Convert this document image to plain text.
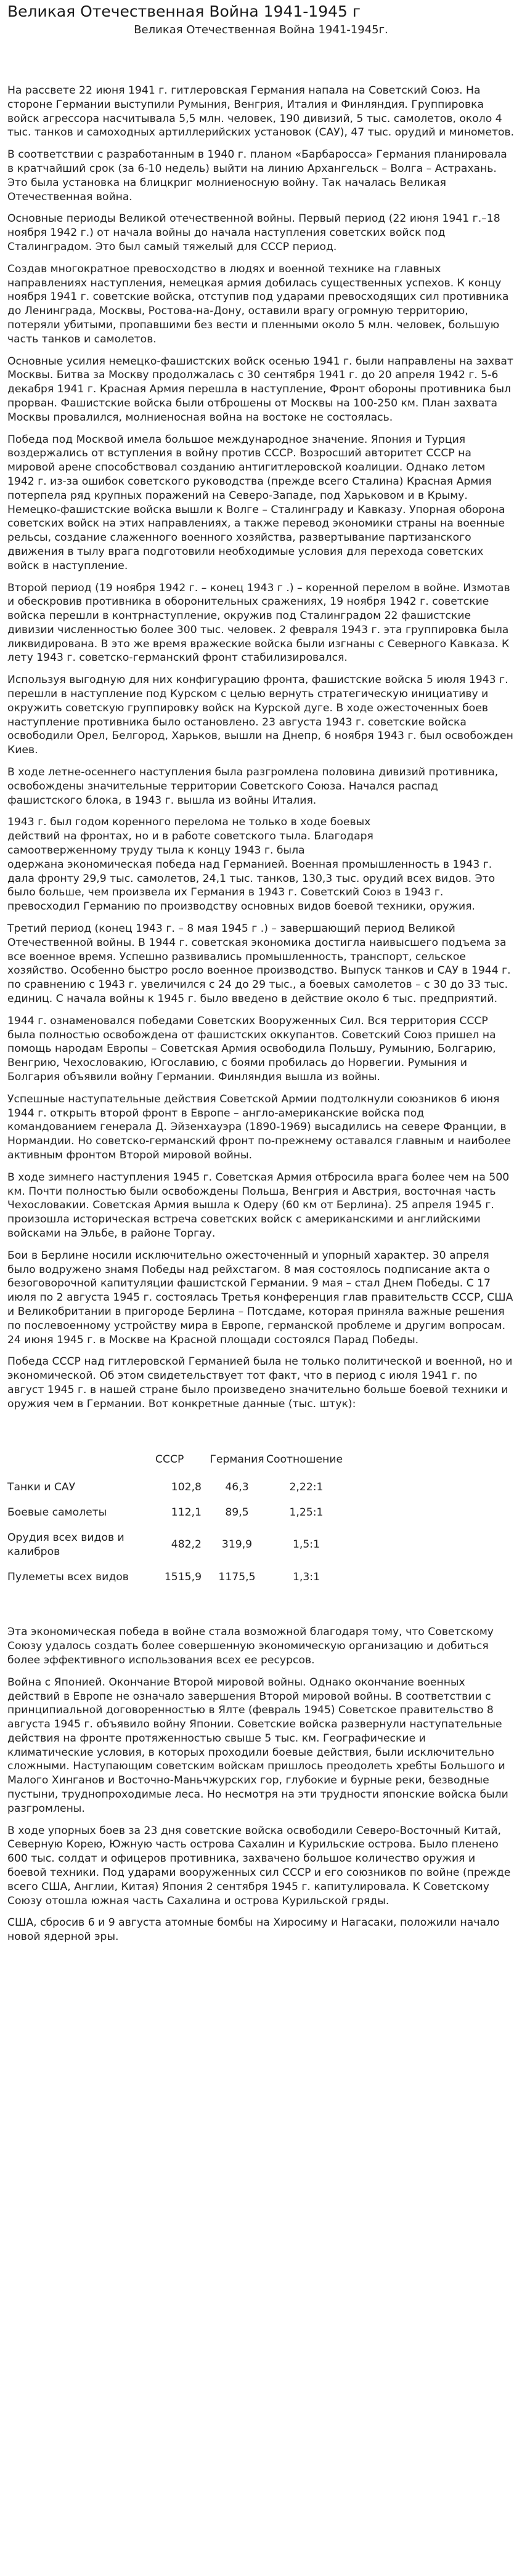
Великая Отечественная Война 1941-1945 г
Великая Отечественная Война 1941-1945г.

На рассвете 22 июня 1941 г. гитлеровская Германия напала на Советский Союз. На стороне Германии выступили Румыния, Венгрия, Италия и Финляндия. Группировка войск агрессора насчитывала 5,5 млн. человек, 190 дивизий, 5 тыс. самолетов, около 4 тыс. танков и самоходных артиллерийских установок (САУ), 47 тыс. орудий и минометов.

В соответствии с разработанным в 1940 г. планом «Барбаросса» Германия планировала в кратчайший срок (за 6-10 недель) выйти на линию Архангельск – Волга – Астрахань. Это была установка на блицкриг молниеносную войну. Так началась Великая Отечественная война.

Основные периоды Великой отечественной войны. Первый период (22 июня 1941 г.–18 ноября 1942 г.) от начала войны до начала наступления советских войск под Сталинградом. Это был самый тяжелый для СССР период.

Создав многократное превосходство в людях и военной технике на главных направлениях наступления, немецкая армия добилась существенных успехов. К концу ноября 1941 г. советские войска, отступив под ударами превосходящих сил противника до Ленинграда, Москвы, Ростова-на-Дону, оставили врагу огромную территорию, потеряли убитыми, пропавшими без вести и пленными около 5 млн. человек, большую часть танков и самолетов.

Основные усилия немецко-фашистских войск осенью 1941 г. были направлены на захват Москвы. Битва за Москву продолжалась с 30 сентября 1941 г. до 20 апреля 1942 г. 5-6 декабря 1941 г. Красная Армия перешла в наступление, Фронт обороны противника был прорван. Фашистские войска были отброшены от Москвы на 100-250 км. План захвата Москвы провалился, молниеносная война на востоке не состоялась.

Победа под Москвой имела большое международное значение. Япония и Турция воздержались от вступления в войну против СССР. Возросший авторитет СССР на мировой арене способствовал созданию антигитлеровской коалиции. Однако летом 1942 г. из-за ошибок советского руководства (прежде всего Сталина) Красная Армия потерпела ряд крупных поражений на Северо-Западе, под Харьковом и в Крыму. Немецко-фашистские войска вышли к Волге – Сталинграду и Кавказу. Упорная оборона советских войск на этих направлениях, а также перевод экономики страны на военные рельсы, создание слаженного военного хозяйства, развертывание партизанского движения в тылу врага подготовили необходимые условия для перехода советских войск в наступление.

Второй период (19 ноября 1942 г. – конец 1943 г .) – коренной перелом в войне. Измотав и обескровив противника в оборонительных сражениях, 19 ноября 1942 г. советские войска перешли в контрнаступление, окружив под Сталинградом 22 фашистские дивизии численностью более 300 тыс. человек. 2 февраля 1943 г. эта группировка была ликвидирована. В это же время вражеские войска были изгнаны с Северного Кавказа. К лету 1943 г. советско-германский фронт стабилизировался.

Используя выгодную для них конфигурацию фронта, фашистские войска 5 июля 1943 г. перешли в наступление под Курском с целью вернуть стратегическую инициативу и окружить советскую группировку войск на Курской дуге. В ходе ожесточенных боев наступление противника было остановлено. 23 августа 1943 г. советские войска освободили Орел, Белгород, Харьков, вышли на Днепр, 6 ноября 1943 г. был освобожден Киев.

В ходе летне-осеннего наступления была разгромлена половина дивизий противника, освобождены значительные территории Советского Союза. Начался распад фашистского блока, в 1943 г. вышла из войны Италия.

1943 г. был годом коренного перелома не только в ходе боевых
действий на фронтах, но и в работе советского тыла. Благодаря
самоотверженному труду тыла к концу 1943 г. была
одержана экономическая победа над Германией. Военная промышленность в 1943 г. дала фронту 29,9 тыс. самолетов, 24,1 тыс. танков, 130,3 тыс. орудий всех видов. Это было больше, чем произвела их Германия в 1943 г. Советский Союз в 1943 г. превосходил Германию по производству основных видов боевой техники, оружия.

Третий период (конец 1943 г. – 8 мая 1945 г .) – завершающий период Великой Отечественной войны. В 1944 г. советская экономика достигла наивысшего подъема за все военное время. Успешно развивались промышленность, транспорт, сельское хозяйство. Особенно быстро росло военное производство. Выпуск танков и САУ в 1944 г. по сравнению с 1943 г. увеличился с 24 до 29 тыс., а боевых самолетов – с 30 до 33 тыс. единиц. С начала войны к 1945 г. было введено в действие около 6 тыс. предприятий.

1944 г. ознаменовался победами Советских Вооруженных Сил. Вся территория СССР была полностью освобождена от фашистских оккупантов. Советский Союз пришел на помощь народам Европы – Советская Армия освободила Польшу, Румынию, Болгарию, Венгрию, Чехословакию, Югославию, с боями пробилась до Норвегии. Румыния и Болгария объявили войну Германии. Финляндия вышла из войны.

Успешные наступательные действия Советской Армии подтолкнули союзников 6 июня 1944 г. открыть второй фронт в Европе – англо-американские войска под командованием генерала Д. Эйзенхауэра (1890-1969) высадились на севере Франции, в Нормандии. Но советско-германский фронт по-прежнему оставался главным и наиболее активным фронтом Второй мировой войны.

В ходе зимнего наступления 1945 г. Советская Армия отбросила врага более чем на 500 км. Почти полностью были освобождены Польша, Венгрия и Австрия, восточная часть Чехословакии. Советская Армия вышла к Одеру (60 км от Берлина). 25 апреля 1945 г. произошла историческая встреча советских войск с американскими и английскими войсками на Эльбе, в районе Торгау.

Бои в Берлине носили исключительно ожесточенный и упорный характер. 30 апреля было водружено знамя Победы над рейхстагом. 8 мая состоялось подписание акта о безоговорочной капитуляции фашистской Германии. 9 мая – стал Днем Победы. С 17 июля по 2 августа 1945 г. состоялась Третья конференция глав правительств СССР, США и Великобритании в пригороде Берлина – Потсдаме, которая приняла важные решения по послевоенному устройству мира в Европе, германской проблеме и другим вопросам. 24 июня 1945 г. в Москве на Красной площади состоялся Парад Победы.

Победа СССР над гитлеровской Германией была не только политической и военной, но и экономической. Об этом свидетельствует тот факт, что в период с июля 1941 г. по август 1945 г. в нашей стране было произведено значительно больше боевой техники и оружия чем в Германии. Вот конкретные данные (тыс. штук):

	СССР	Германия	Соотношение
Танки и САУ	102,8	46,3	2,22:1
Боевые самолеты	112,1	89,5	1,25:1
Орудия всех видов и калибров	482,2	319,9	1,5:1
Пулеметы всех видов	1515,9	1175,5	1,3:1

Эта экономическая победа в войне стала возможной благодаря тому, что Советскому Союзу удалось создать более совершенную экономическую организацию и добиться более эффективного использования всех ее ресурсов.

Война с Японией. Окончание Второй мировой войны. Однако окончание военных действий в Европе не означало завершения Второй мировой войны. В соответствии с принципиальной договоренностью в Ялте (февраль 1945) Советское правительство 8 августа 1945 г. объявило войну Японии. Советские войска развернули наступательные действия на фронте протяженностью свыше 5 тыс. км. Географические и климатические условия, в которых проходили боевые действия, были исключительно сложными. Наступающим советским войскам пришлось преодолеть хребты Большого и Малого Хинганов и Восточно-Маньчжурских гор, глубокие и бурные реки, безводные пустыни, труднопроходимые леса. Но несмотря на эти трудности японские войска были разгромлены.

В ходе упорных боев за 23 дня советские войска освободили Северо-Восточный Китай, Северную Корею, Южную часть острова Сахалин и Курильские острова. Было пленено 600 тыс. солдат и офицеров противника, захвачено большое количество оружия и боевой техники. Под ударами вооруженных сил СССР и его союзников по войне (прежде всего США, Англии, Китая) Япония 2 сентября 1945 г. капитулировала. К Советскому Союзу отошла южная часть Сахалина и острова Курильской гряды.

США, сбросив 6 и 9 августа атомные бомбы на Хиросиму и Нагасаки, положили начало новой ядерной эры.
